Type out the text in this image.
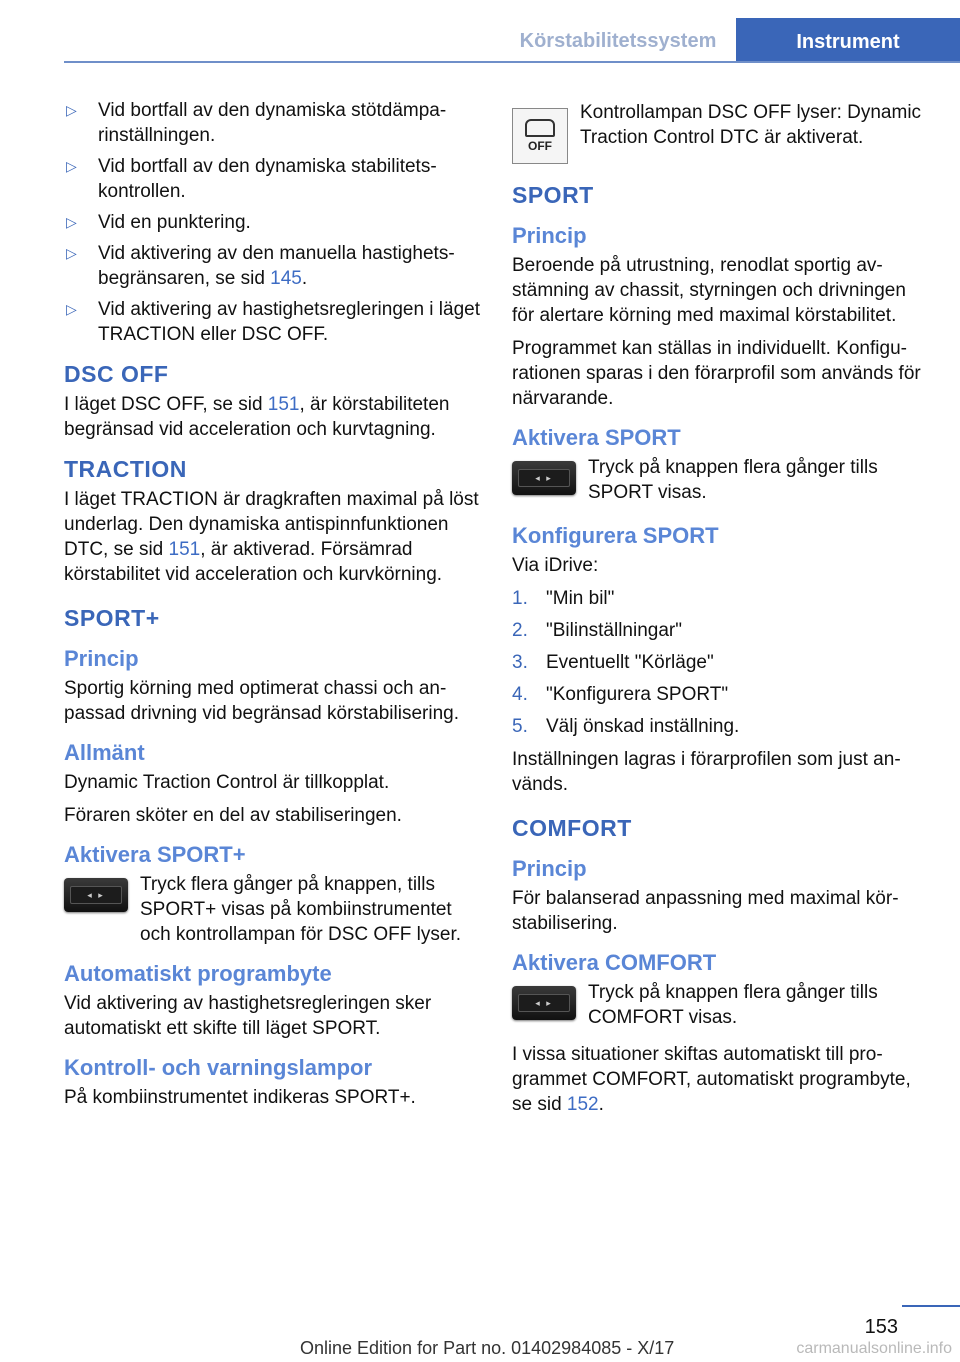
Körstabilitetssystem	Instrument
▷ Vid bortfall av den dynamiska stötdämparinställningen.
▷ Vid bortfall av den dynamiska stabilitetskontrollen.
▷ Vid en punktering.
▷ Vid aktivering av den manuella hastighetsbegränsaren, se sid 145.
▷ Vid aktivering av hastighetsregleringen i läget TRACTION eller DSC OFF.
DSC OFF

I läget DSC OFF, se sid 151, är körstabiliteten begränsad vid acceleration och kurvtagning.

TRACTION

I läget TRACTION är dragkraften maximal på löst underlag. Den dynamiska antispinnfunktionen DTC, se sid 151, är aktiverad. Försämrad körstabilitet vid acceleration och kurvkörning.

SPORT+
Princip

Sportig körning med optimerat chassi och anpassad drivning vid begränsad körstabilisering.

Allmänt

Dynamic Traction Control är tillkopplat.

Föraren sköter en del av stabiliseringen.

Aktivera SPORT+
◂ ▸	Tryck flera gånger på knappen, tills SPORT+ visas på kombiinstrumentet och kontrollampan för DSC OFF lyser.
Automatiskt programbyte

Vid aktivering av hastighetsregleringen sker automatiskt ett skifte till läget SPORT.

Kontroll- och varningslampor

På kombiinstrumentet indikeras SPORT+.

OFF
Kontrollampan DSC OFF lyser: Dynamic Traction Control DTC är aktiverat.
SPORT
Princip

Beroende på utrustning, renodlat sportig avstämning av chassit, styrningen och drivningen för alertare körning med maximal körstabilitet.

Programmet kan ställas in individuellt. Konfigurationen sparas i den förarprofil som används för närvarande.

Aktivera SPORT
◂ ▸	Tryck på knappen flera gånger tills SPORT visas.
Konfigurera SPORT

Via iDrive:

1. "Min bil"
2. "Bilinställningar"
3. Eventuellt "Körläge"
4. "Konfigurera SPORT"
5. Välj önskad inställning.

Inställningen lagras i förarprofilen som just används.

COMFORT
Princip

För balanserad anpassning med maximal körstabilisering.

Aktivera COMFORT
◂ ▸	Tryck på knappen flera gånger tills COMFORT visas.

I vissa situationer skiftas automatiskt till programmet COMFORT, automatiskt programbyte, se sid 152.

153
Online Edition for Part no. 01402984085 - X/17	carmanualsonline.info
